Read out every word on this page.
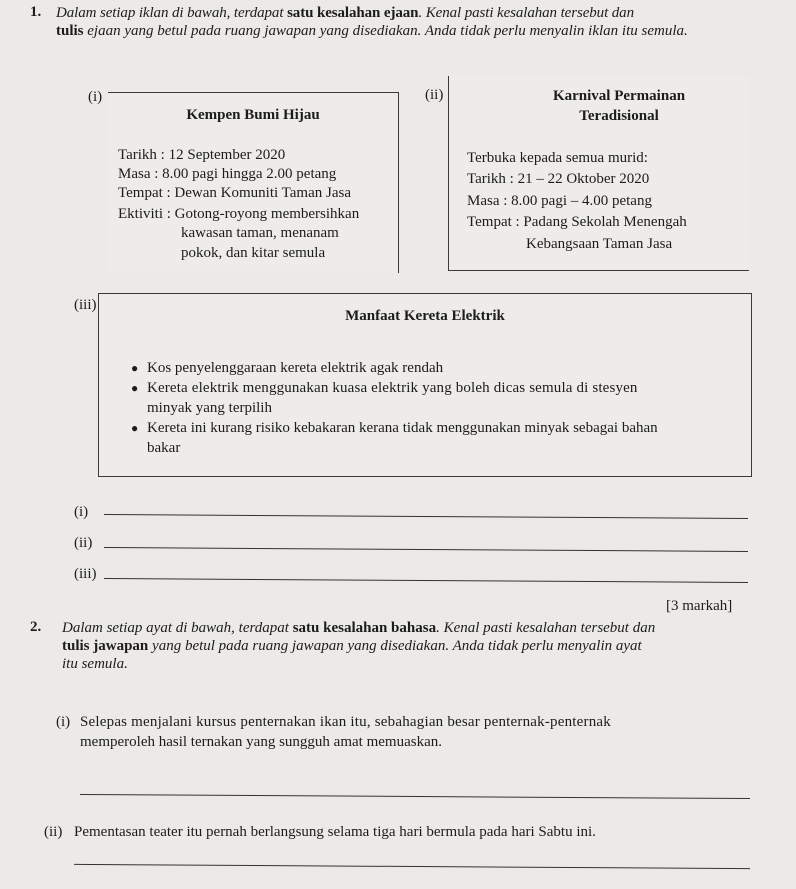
1. Dalam setiap iklan di bawah, terdapat satu kesalahan ejaan. Kenal pasti kesalahan tersebut dan
tulis ejaan yang betul pada ruang jawapan yang disediakan. Anda tidak perlu menyalin iklan itu semula.
(i)
Kempen Bumi Hijau
Tarikh : 12 September 2020
Masa : 8.00 pagi hingga 2.00 petang
Tempat : Dewan Komuniti Taman Jasa
Ektiviti : Gotong-royong membersihkan
kawasan taman, menanam
pokok, dan kitar semula
(ii)	Karnival Permainan
Teradisional
Terbuka kepada semua murid:
Tarikh : 21 – 22 Oktober 2020
Masa : 8.00 pagi – 4.00 petang
Tempat : Padang Sekolah Menengah
Kebangsaan Taman Jasa
(iii)
Manfaat Kereta Elektrik
● Kos penyelenggaraan kereta elektrik agak rendah
● Kereta elektrik menggunakan kuasa elektrik yang boleh dicas semula di stesyen
minyak yang terpilih
● Kereta ini kurang risiko kebakaran kerana tidak menggunakan minyak sebagai bahan
bakar
(i)
(ii)
(iii)
[3 markah]
2. Dalam setiap ayat di bawah, terdapat satu kesalahan bahasa. Kenal pasti kesalahan tersebut dan
tulis jawapan yang betul pada ruang jawapan yang disediakan. Anda tidak perlu menyalin ayat
itu semula.
(i) Selepas menjalani kursus penternakan ikan itu, sebahagian besar penternak-penternak
memperoleh hasil ternakan yang sungguh amat memuaskan.
(ii) Pementasan teater itu pernah berlangsung selama tiga hari bermula pada hari Sabtu ini.
